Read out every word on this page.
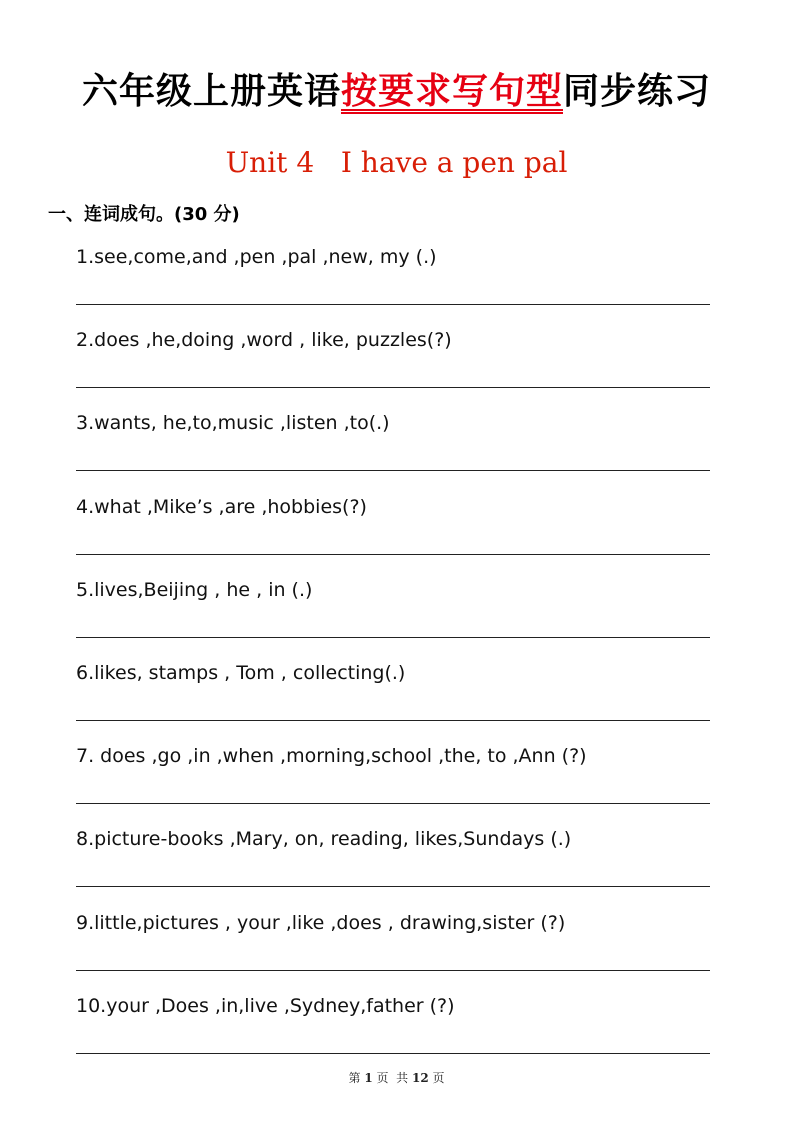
六年级上册英语按要求写句型同步练习
Unit 4   I have a pen pal
一、连词成句。(30 分)
1.see,come,and ,pen ,pal ,new, my (.)
2.does ,he,doing ,word , like, puzzles(?)
3.wants, he,to,music ,listen ,to(.)
4.what ,Mike’s ,are ,hobbies(?)
5.lives,Beijing , he , in (.)
6.likes, stamps , Tom , collecting(.)
7. does ,go ,in ,when ,morning,school ,the, to ,Ann (?)
8.picture-books ,Mary, on, reading, likes,Sundays (.)
9.little,pictures , your ,like ,does , drawing,sister (?)
10.your ,Does ,in,live ,Sydney,father (?)
第 1 页  共 12 页
